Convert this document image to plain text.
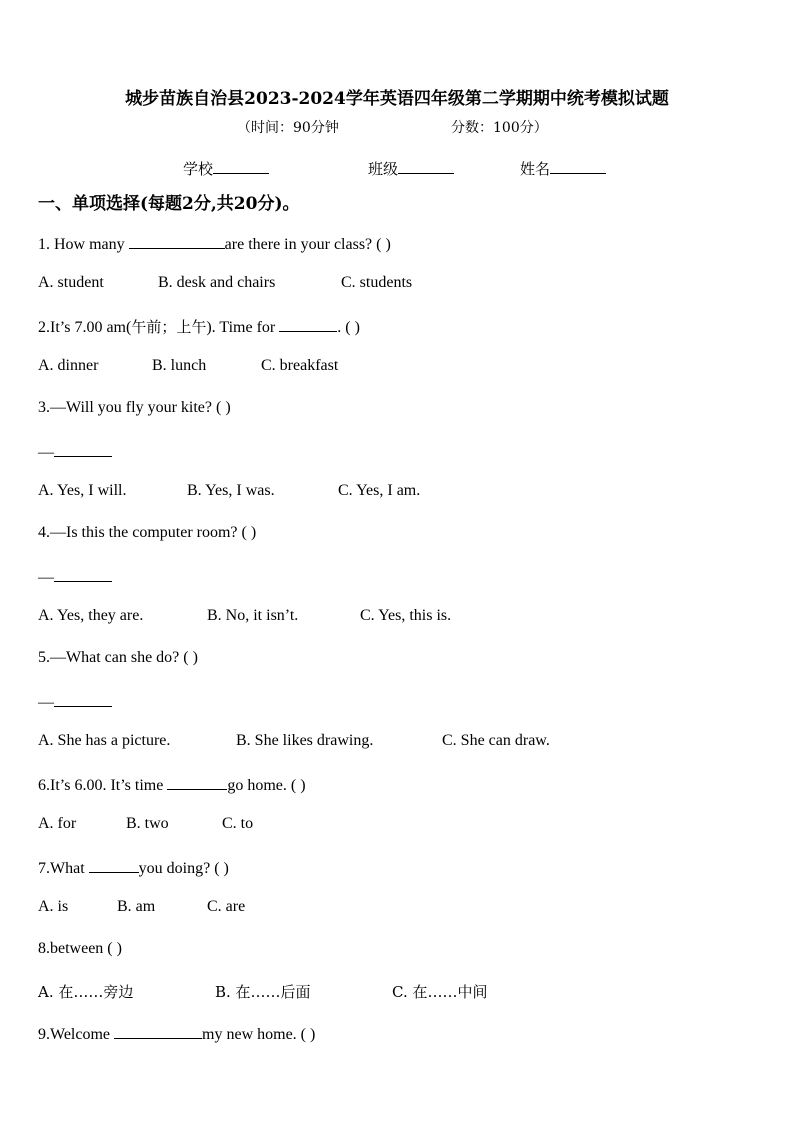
城步苗族自治县2023-2024学年英语四年级第二学期期中统考模拟试题
（时间：90分钟	分数：100分）
学校	班级	姓名
一、单项选择(每题2分,共20分)。
1. How many	are there in your class? ( )
A. student	B. desk and chairs	C. students
2.It’s 7.00 am(午前；上午). Time for	. ( )
A. dinner	B. lunch	C. breakfast
3.—Will you fly your kite? ( )
—
A. Yes, I will.	B. Yes, I was.	C. Yes, I am.
4.—Is this the computer room? ( )
—
A. Yes, they are.	B. No, it isn’t.	C. Yes, this is.
5.—What can she do? ( )
—
A. She has a picture.	B. She likes drawing.	C. She can draw.
6.It’s 6.00. It’s time	go home. ( )
A. for	B. two	C. to
7.What	you doing? ( )
A. is	B. am	C. are
8.between ( )
A. 在……旁边	B. 在……后面	C. 在……中间
9.Welcome	my new home. ( )
